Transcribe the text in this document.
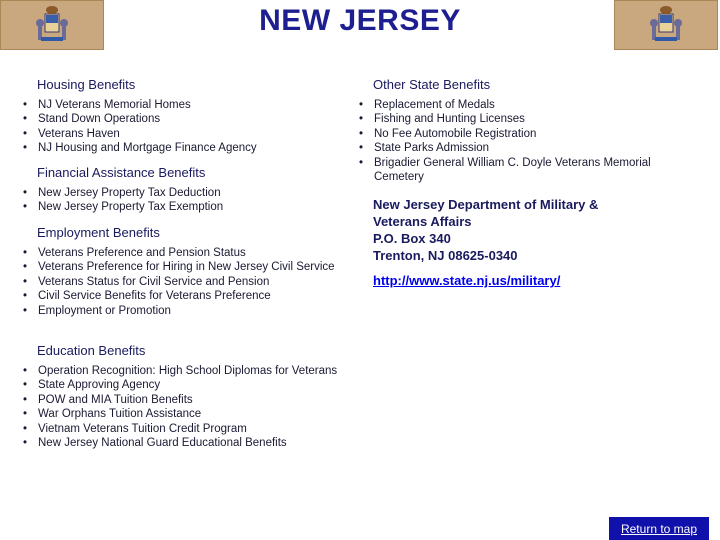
NEW JERSEY
Housing Benefits
• NJ Veterans Memorial Homes
• Stand Down Operations
• Veterans Haven
• NJ Housing and Mortgage Finance Agency
Financial Assistance Benefits
• New Jersey Property Tax Deduction
• New Jersey Property Tax Exemption
Employment Benefits
• Veterans Preference and Pension Status
• Veterans Preference for Hiring in New Jersey Civil Service
• Veterans Status for Civil Service and Pension
• Civil Service Benefits for Veterans Preference
• Employment or Promotion
Education Benefits
• Operation Recognition: High School Diplomas for Veterans
• State Approving Agency
• POW and MIA Tuition Benefits
• War Orphans Tuition Assistance
• Vietnam Veterans Tuition Credit Program
• New Jersey National Guard Educational Benefits
Other State Benefits
• Replacement of Medals
• Fishing and Hunting Licenses
• No Fee Automobile Registration
• State Parks Admission
• Brigadier General William C. Doyle Veterans Memorial Cemetery
New Jersey Department of Military &
Veterans Affairs
P.O. Box 340
Trenton, NJ 08625-0340
http://www.state.nj.us/military/
Return to map
